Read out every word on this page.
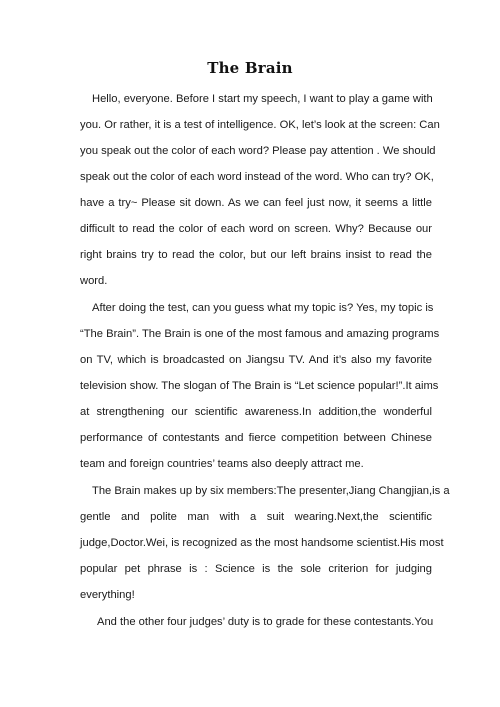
The Brain

Hello, everyone. Before I start my speech, I want to play a game with

you. Or rather, it is a test of intelligence. OK, let’s look at the screen: Can

you speak out the color of each word? Please pay attention . We should

speak out the color of each word instead of the word. Who can try? OK,

have a try~ Please sit down. As we can feel just now, it seems a little

difficult to read the color of each word on screen. Why? Because our

right brains try to read the color, but our left brains insist to read the

word.

After doing the test, can you guess what my topic is? Yes, my topic is

“The Brain”. The Brain is one of the most famous and amazing programs

on TV, which is broadcasted on Jiangsu TV. And it’s also my favorite

television show. The slogan of The Brain is “Let science popular!”.It aims

at strengthening our scientific awareness.In addition,the wonderful

performance of contestants and fierce competition between Chinese

team and foreign countries’ teams also deeply attract me.

The Brain makes up by six members:The presenter,Jiang Changjian,is a

gentle and polite man with a suit wearing.Next,the scientific

judge,Doctor.Wei, is recognized as the most handsome scientist.His most

popular pet phrase is : Science is the sole criterion for judging

everything!

And the other four judges’ duty is to grade for these contestants.You
